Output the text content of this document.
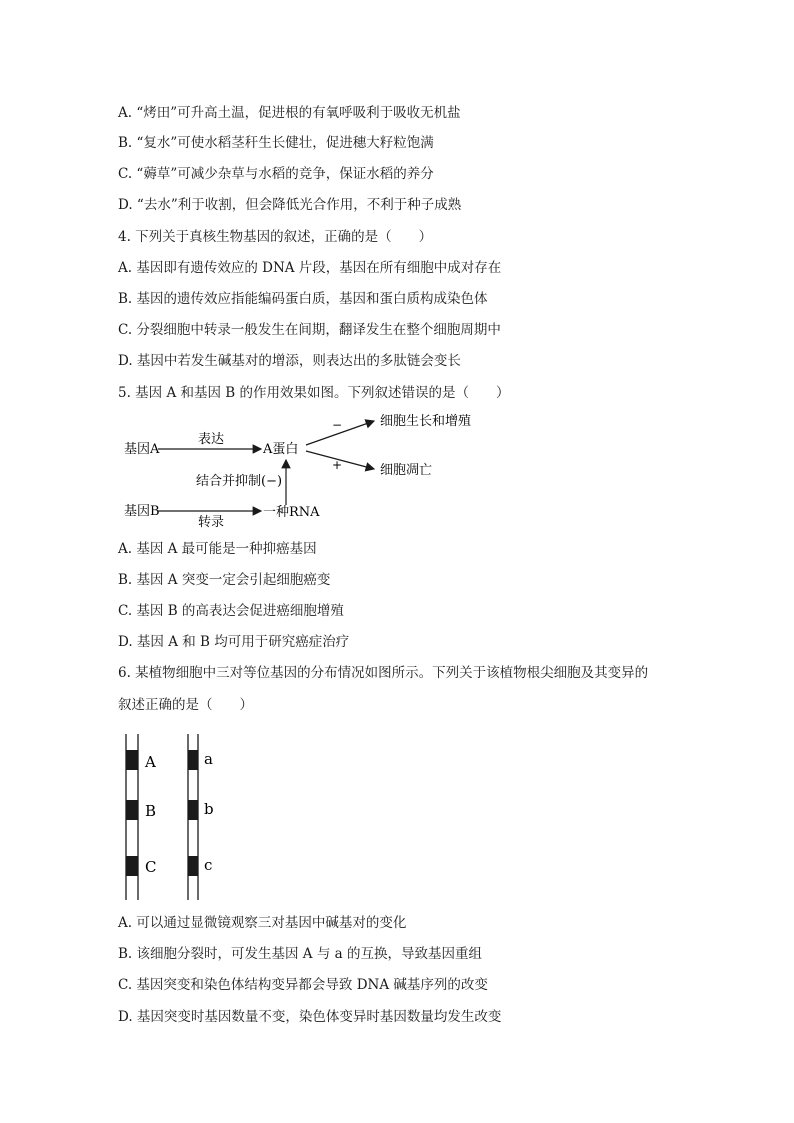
A. “烤田”可升高土温，促进根的有氧呼吸利于吸收无机盐
B. “复水”可使水稻茎秆生长健壮，促进穗大籽粒饱满
C. “薅草”可减少杂草与水稻的竞争，保证水稻的养分
D. “去水”利于收割，但会降低光合作用，不利于种子成熟
4. 下列关于真核生物基因的叙述，正确的是（　　）
A. 基因即有遗传效应的 DNA 片段，基因在所有细胞中成对存在
B. 基因的遗传效应指能编码蛋白质，基因和蛋白质构成染色体
C. 分裂细胞中转录一般发生在间期，翻译发生在整个细胞周期中
D. 基因中若发生碱基对的增添，则表达出的多肽链会变长
5. 基因 A 和基因 B 的作用效果如图。下列叙述错误的是（　　）
基因A
表达
A蛋白
−	细胞生长和增殖
+	细胞凋亡
结合并抑制(−)
基因B
转录
一种RNA
A. 基因 A 最可能是一种抑癌基因
B. 基因 A 突变一定会引起细胞癌变
C. 基因 B 的高表达会促进癌细胞增殖
D. 基因 A 和 B 均可用于研究癌症治疗
6. 某植物细胞中三对等位基因的分布情况如图所示。下列关于该植物根尖细胞及其变异的
叙述正确的是（　　）
A
B
C
a
b
c
A. 可以通过显微镜观察三对基因中碱基对的变化
B. 该细胞分裂时，可发生基因 A 与 a 的互换，导致基因重组
C. 基因突变和染色体结构变异都会导致 DNA 碱基序列的改变
D. 基因突变时基因数量不变，染色体变异时基因数量均发生改变
